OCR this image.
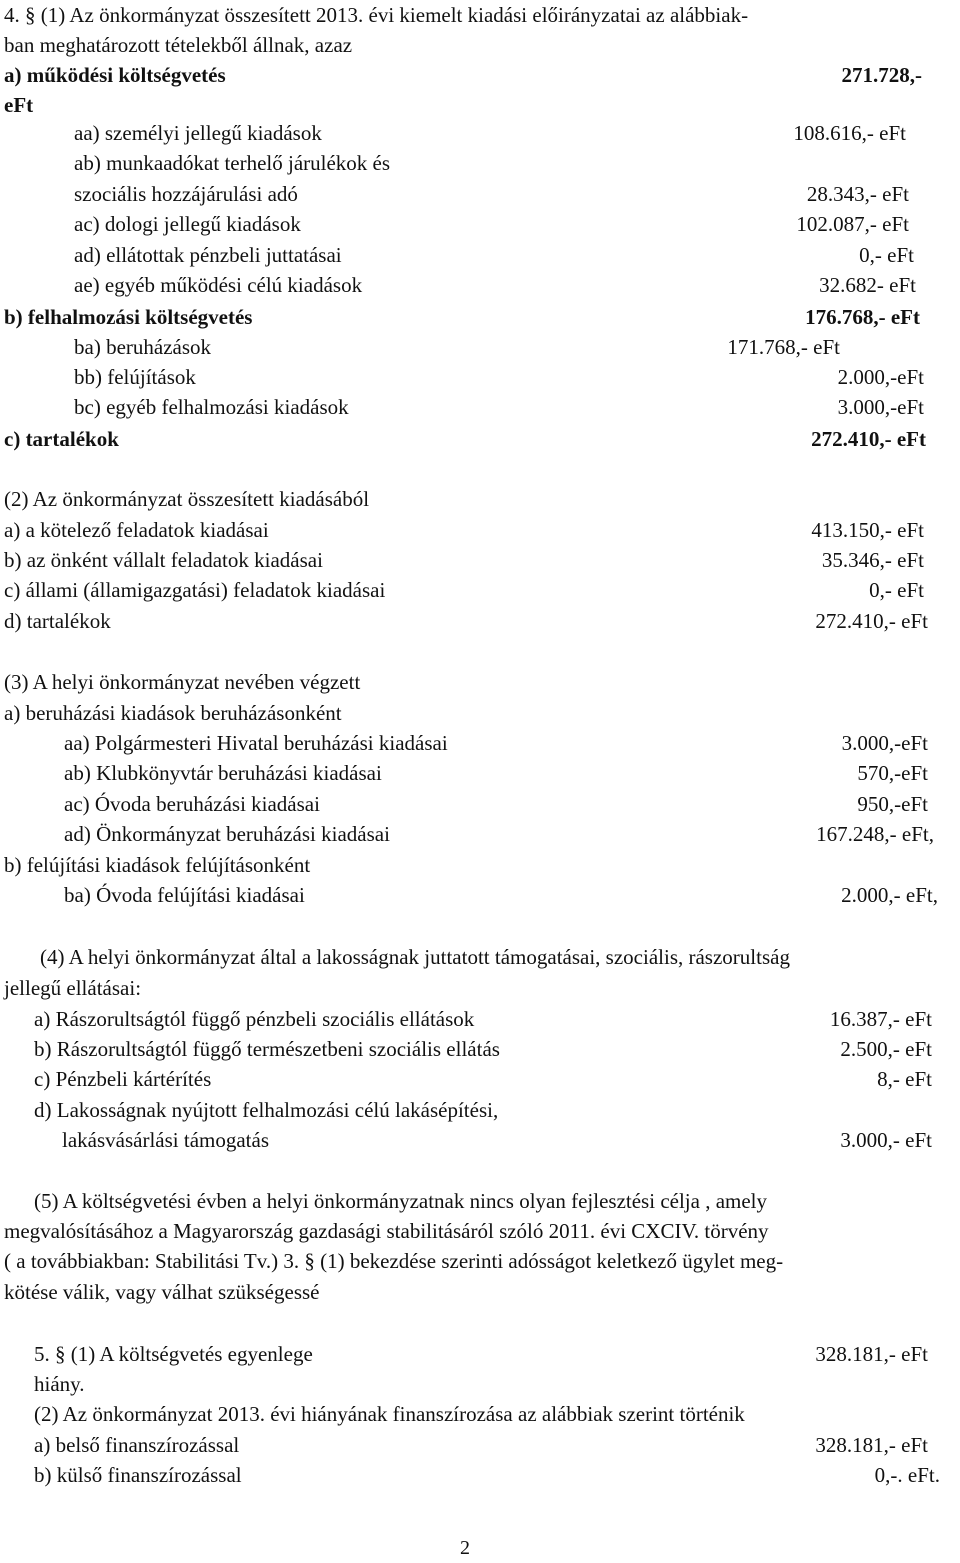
4. § (1) Az önkormányzat összesített 2013. évi kiemelt kiadási előirányzatai az alábbiak-
ban meghatározott tételekből állnak, azaz
a) működési költségvetés	271.728,-
eFt
aa) személyi jellegű kiadások	108.616,- eFt
ab) munkaadókat terhelő járulékok és
szociális hozzájárulási adó	28.343,- eFt
ac) dologi jellegű kiadások	102.087,- eFt
ad) ellátottak pénzbeli juttatásai	0,- eFt
ae) egyéb működési célú kiadások	32.682- eFt
b) felhalmozási költségvetés	176.768,- eFt
ba) beruházások	171.768,- eFt
bb) felújítások	2.000,-eFt
bc) egyéb felhalmozási kiadások	3.000,-eFt
c) tartalékok	272.410,- eFt
(2) Az önkormányzat összesített kiadásából
a) a kötelező feladatok kiadásai	413.150,- eFt
b) az önként vállalt feladatok kiadásai	35.346,- eFt
c) állami (államigazgatási) feladatok kiadásai	0,- eFt
d) tartalékok	272.410,- eFt
(3) A helyi önkormányzat nevében végzett
a) beruházási kiadások beruházásonként
aa) Polgármesteri Hivatal beruházási kiadásai	3.000,-eFt
ab) Klubkönyvtár beruházási kiadásai	570,-eFt
ac) Óvoda beruházási kiadásai	950,-eFt
ad) Önkormányzat beruházási kiadásai	167.248,- eFt,
b) felújítási kiadások felújításonként
ba) Óvoda felújítási kiadásai	2.000,- eFt,
(4) A helyi önkormányzat által a lakosságnak juttatott támogatásai, szociális, rászorultság
jellegű ellátásai:
a) Rászorultságtól függő pénzbeli szociális ellátások	16.387,- eFt
b) Rászorultságtól függő természetbeni szociális ellátás	2.500,- eFt
c) Pénzbeli kártérítés	8,- eFt
d) Lakosságnak nyújtott felhalmozási célú lakásépítési,
lakásvásárlási támogatás	3.000,- eFt
(5) A költségvetési évben a helyi önkormányzatnak nincs olyan fejlesztési célja , amely
megvalósításához a Magyarország gazdasági stabilitásáról szóló 2011. évi CXCIV. törvény
( a továbbiakban: Stabilitási Tv.) 3. § (1) bekezdése szerinti adósságot keletkező ügylet meg-
kötése válik, vagy válhat szükségessé
5. § (1) A költségvetés egyenlege	328.181,- eFt
hiány.
(2) Az önkormányzat 2013. évi hiányának finanszírozása az alábbiak szerint történik
a) belső finanszírozással	328.181,- eFt
b) külső finanszírozással	0,-. eFt.
2
